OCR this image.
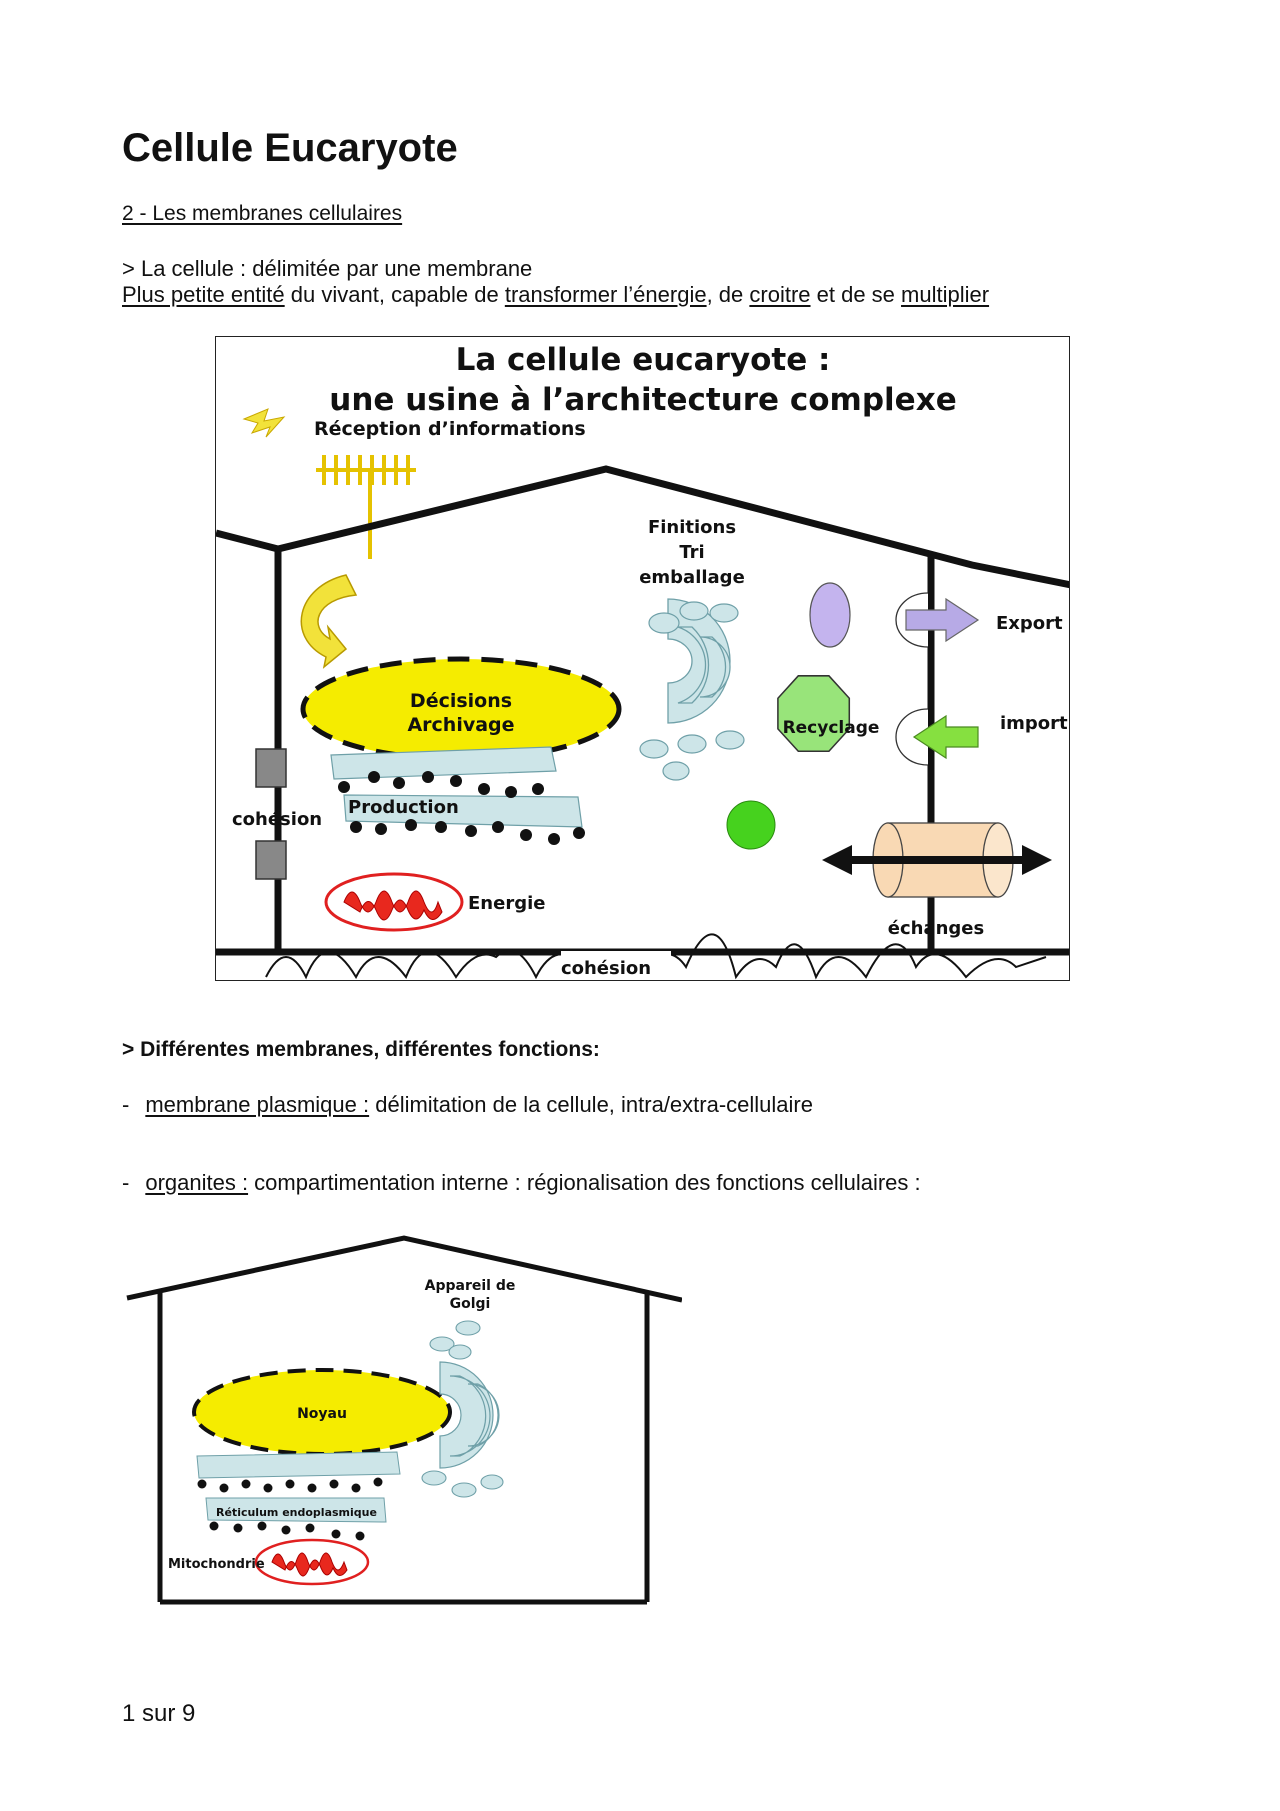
Cellule Eucaryote
2 - Les membranes cellulaires
> La cellule : délimitée par une membrane
Plus petite entité du vivant, capable de transformer l’énergie, de croitre et de se multiplier
La cellule eucaryote :
une usine à l’architecture complexe
Réception d’informations
Décisions
Archivage
Production
cohésion
Energie
Finitions
Tri
emballage
Recyclage
Export
import
échanges
cohésion
> Différentes membranes, différentes fonctions:
- membrane plasmique : délimitation de la cellule, intra/extra-cellulaire
- organites : compartimentation interne : régionalisation des fonctions cellulaires :
Appareil de
Golgi
Noyau
Réticulum endoplasmique
Mitochondrie
1 sur 9
